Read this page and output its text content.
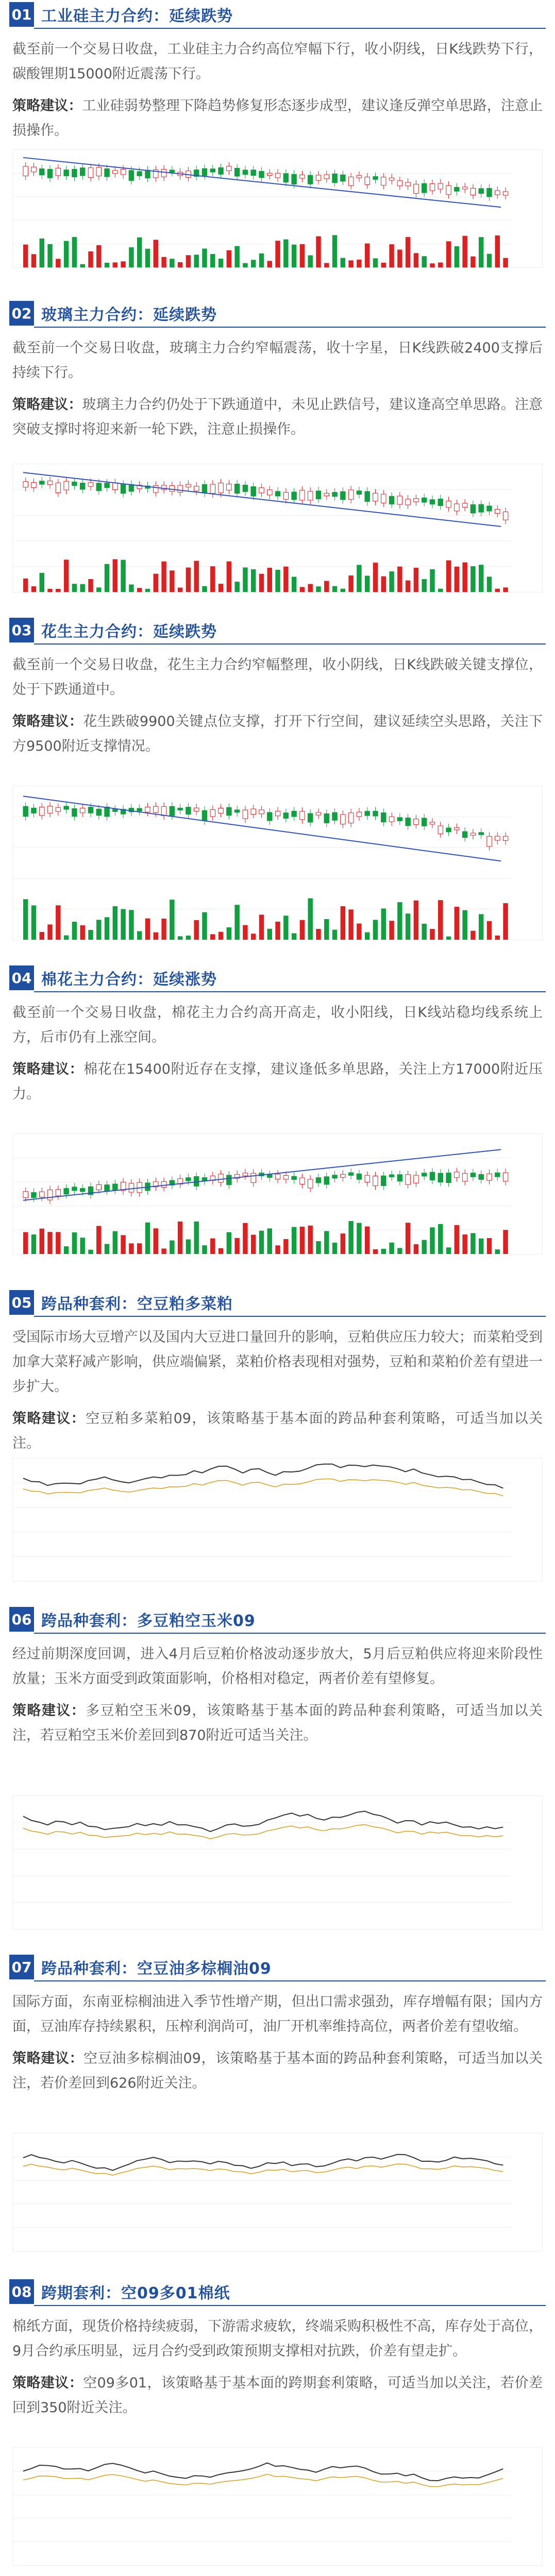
01 工业硅主力合约：延续跌势

截至前一个交易日收盘，工业硅主力合约高位窄幅下行，收小阴线，日K线跌势下行，碳酸锂期15000附近震荡下行。

策略建议：工业硅弱势整理下降趋势修复形态逐步成型，建议逢反弹空单思路，注意止损操作。

02 玻璃主力合约：延续跌势

截至前一个交易日收盘，玻璃主力合约窄幅震荡，收十字星，日K线跌破2400支撑后持续下行。

策略建议：玻璃主力合约仍处于下跌通道中，未见止跌信号，建议逢高空单思路。注意突破支撑时将迎来新一轮下跌，注意止损操作。

03 花生主力合约：延续跌势

截至前一个交易日收盘，花生主力合约窄幅整理，收小阴线，日K线跌破关键支撑位，处于下跌通道中。

策略建议：花生跌破9900关键点位支撑，打开下行空间，建议延续空头思路，关注下方9500附近支撑情况。

04 棉花主力合约：延续涨势

截至前一个交易日收盘，棉花主力合约高开高走，收小阳线，日K线站稳均线系统上方，后市仍有上涨空间。

策略建议：棉花在15400附近存在支撑，建议逢低多单思路，关注上方17000附近压力。

05 跨品种套利：空豆粕多菜粕

受国际市场大豆增产以及国内大豆进口量回升的影响，豆粕供应压力较大；而菜粕受到加拿大菜籽减产影响，供应端偏紧，菜粕价格表现相对强势，豆粕和菜粕价差有望进一步扩大。

策略建议：空豆粕多菜粕09，该策略基于基本面的跨品种套利策略，可适当加以关注。

06 跨品种套利：多豆粕空玉米09

经过前期深度回调，进入4月后豆粕价格波动逐步放大，5月后豆粕供应将迎来阶段性放量；玉米方面受到政策面影响，价格相对稳定，两者价差有望修复。

策略建议：多豆粕空玉米09，该策略基于基本面的跨品种套利策略，可适当加以关注，若豆粕空玉米价差回到870附近可适当关注。

07 跨品种套利：空豆油多棕榈油09

国际方面，东南亚棕榈油进入季节性增产期，但出口需求强劲，库存增幅有限；国内方面，豆油库存持续累积，压榨利润尚可，油厂开机率维持高位，两者价差有望收缩。

策略建议：空豆油多棕榈油09，该策略基于基本面的跨品种套利策略，可适当加以关注，若价差回到626附近关注。

08 跨期套利：空09多01棉纸

棉纸方面，现货价格持续疲弱，下游需求疲软，终端采购积极性不高，库存处于高位，9月合约承压明显，远月合约受到政策预期支撑相对抗跌，价差有望走扩。

策略建议：空09多01，该策略基于基本面的跨期套利策略，可适当加以关注，若价差回到350附近关注。
